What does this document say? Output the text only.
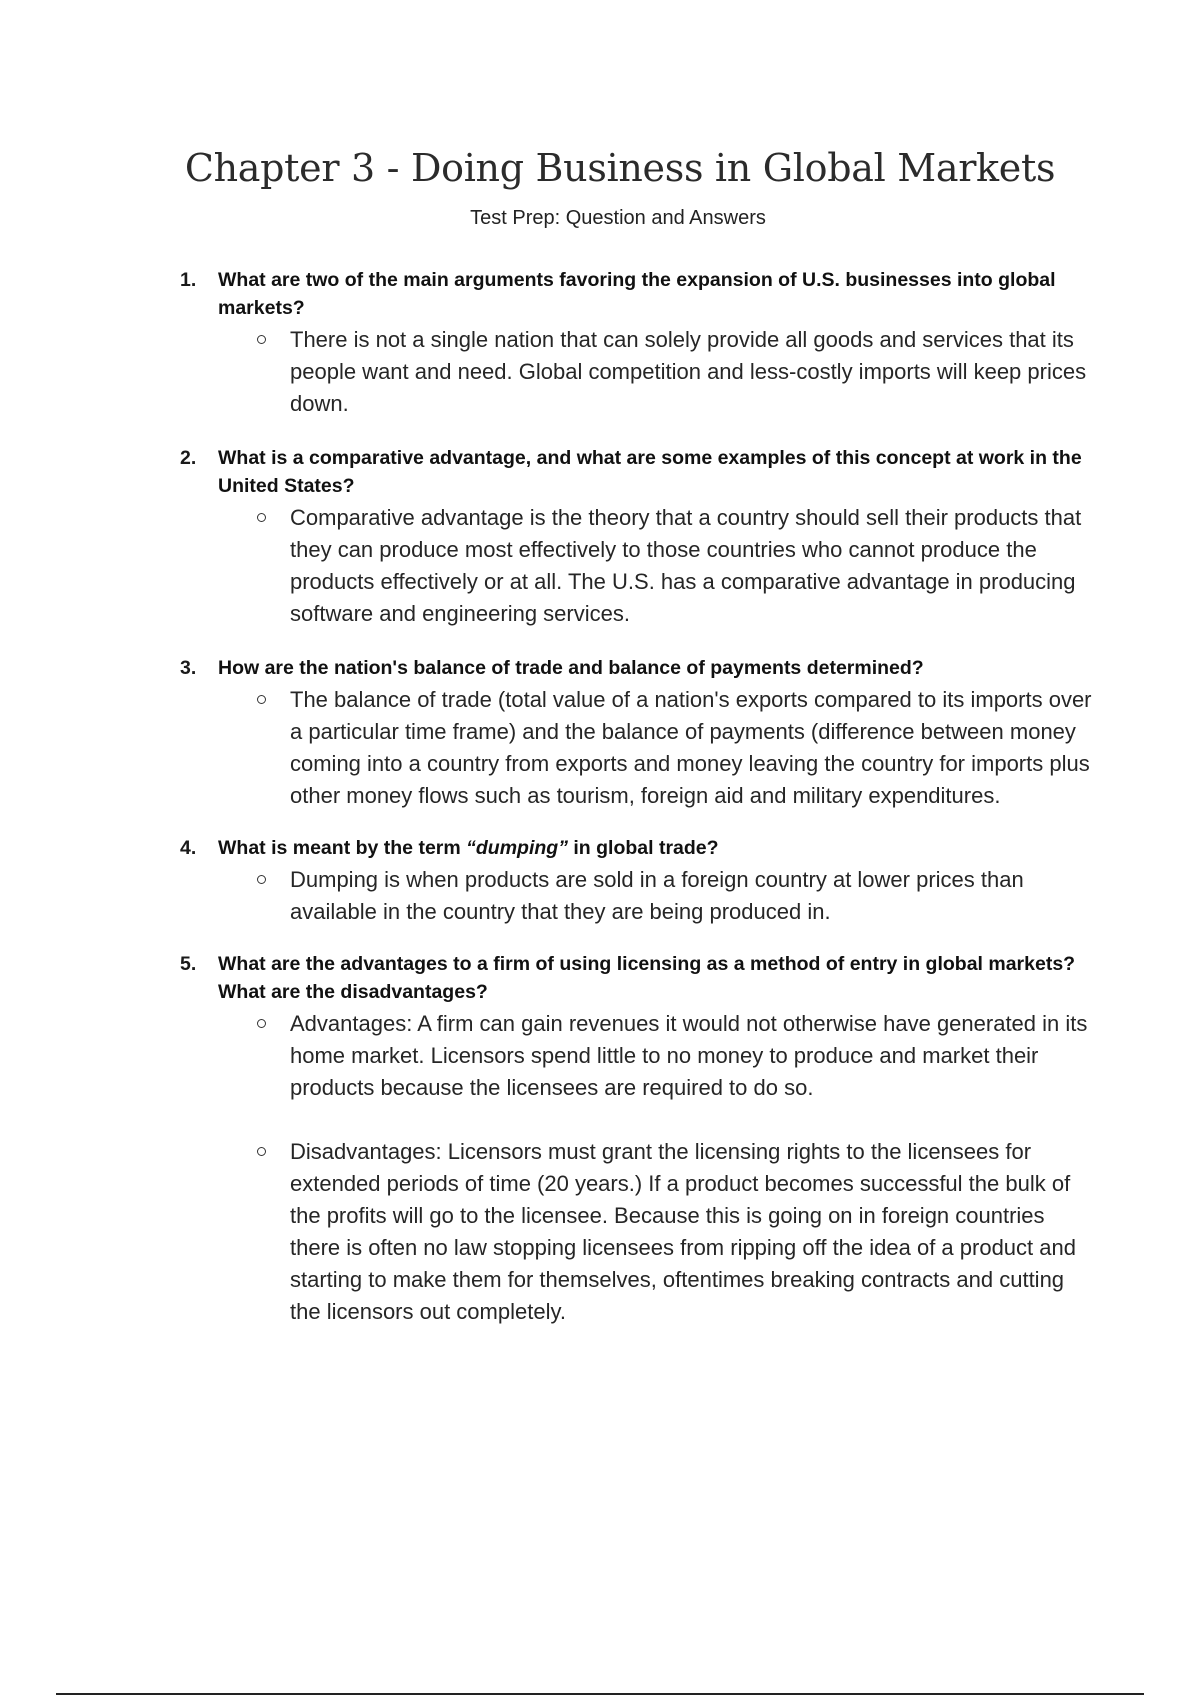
Chapter 3 - Doing Business in Global Markets

Test Prep: Question and Answers

1. What are two of the main arguments favoring the expansion of U.S. businesses into global markets?

There is not a single nation that can solely provide all goods and services that its people want and need. Global competition and less-costly imports will keep prices down.
2. What is a comparative advantage, and what are some examples of this concept at work in the United States?

Comparative advantage is the theory that a country should sell their products that they can produce most effectively to those countries who cannot produce the products effectively or at all. The U.S. has a comparative advantage in producing software and engineering services.
3. How are the nation's balance of trade and balance of payments determined?

The balance of trade (total value of a nation's exports compared to its imports over a particular time frame) and the balance of payments (difference between money coming into a country from exports and money leaving the country for imports plus other money flows such as tourism, foreign aid and military expenditures.
4. What is meant by the term “dumping” in global trade?

Dumping is when products are sold in a foreign country at lower prices than available in the country that they are being produced in.
5. What are the advantages to a firm of using licensing as a method of entry in global markets? What are the disadvantages?

Advantages: A firm can gain revenues it would not otherwise have generated in its home market. Licensors spend little to no money to produce and market their products because the licensees are required to do so.
Disadvantages: Licensors must grant the licensing rights to the licensees for extended periods of time (20 years.) If a product becomes successful the bulk of the profits will go to the licensee. Because this is going on in foreign countries there is often no law stopping licensees from ripping off the idea of a product and starting to make them for themselves, oftentimes breaking contracts and cutting the licensors out completely.
